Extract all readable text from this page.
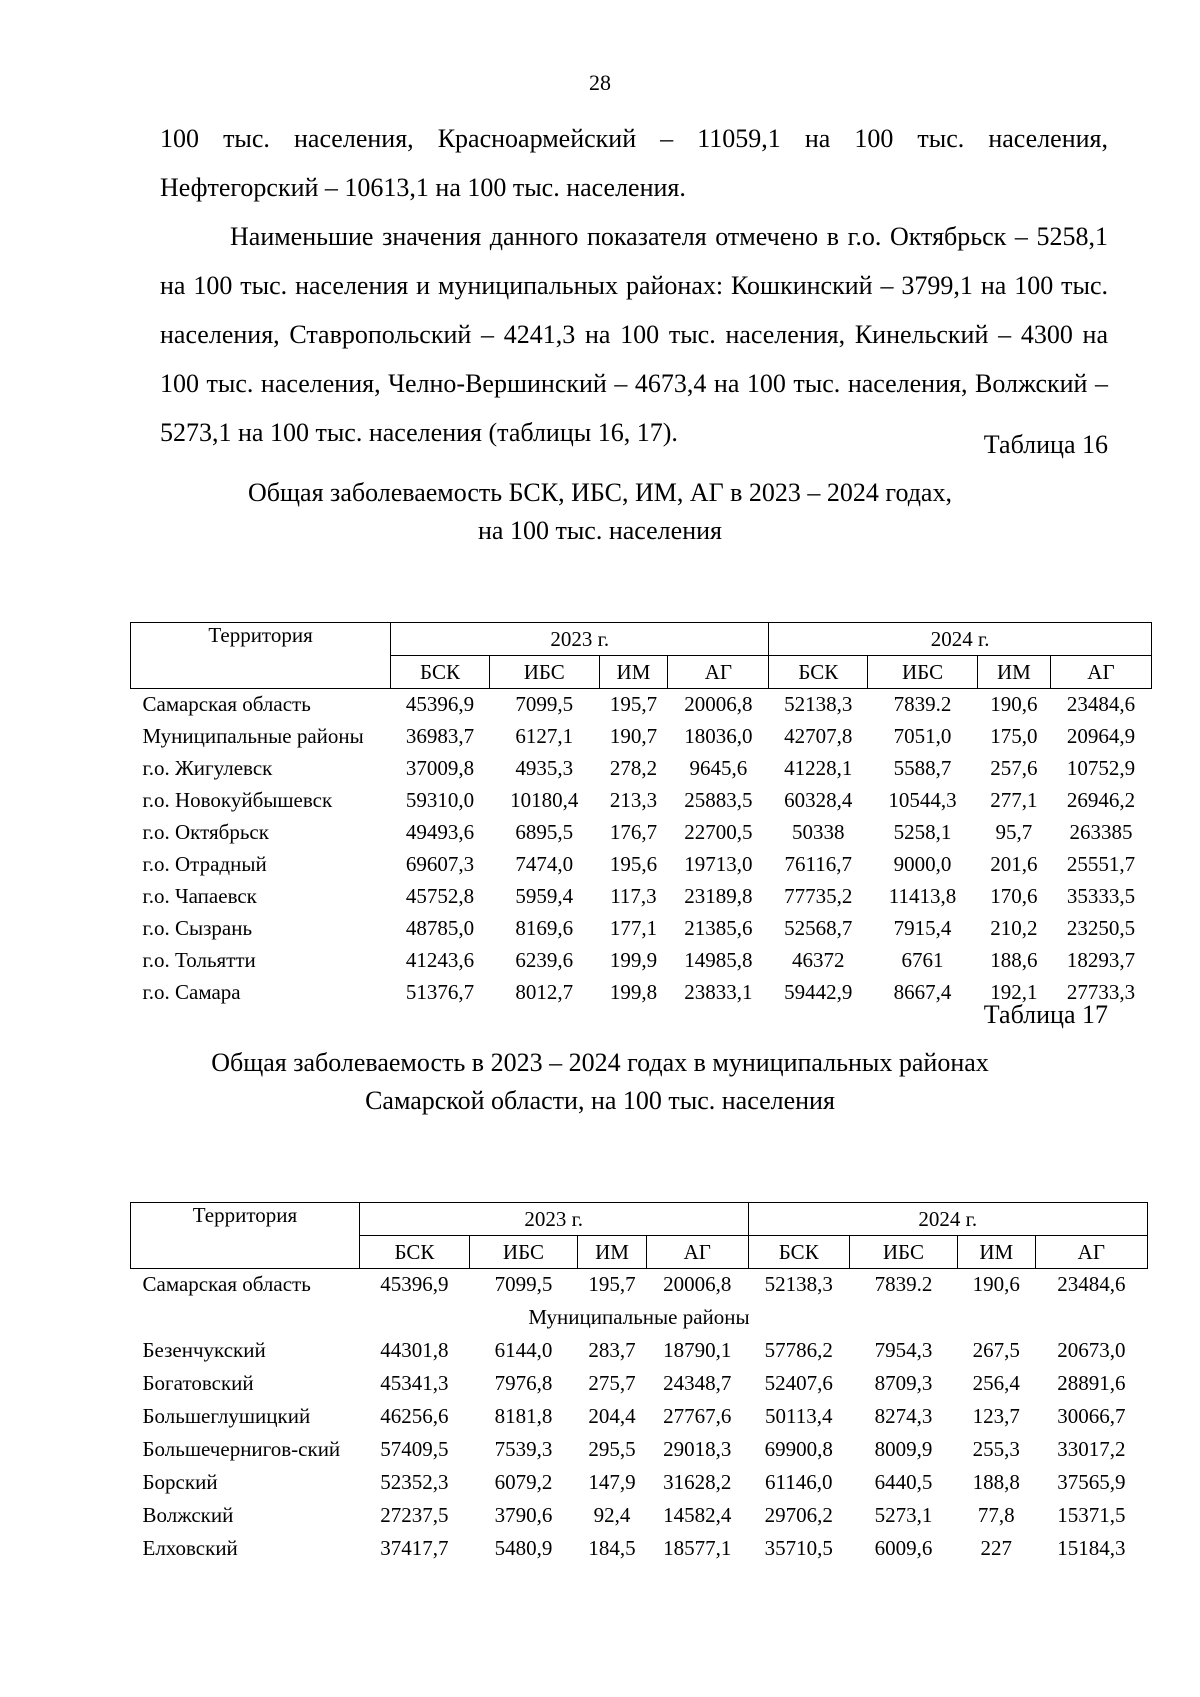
28

100 тыс. населения, Красноармейский – 11059,1 на 100 тыс. населения, Нефтегорский – 10613,1 на 100 тыс. населения.

Наименьшие значения данного показателя отмечено в г.о. Октябрьск – 5258,1 на 100 тыс. населения и муниципальных районах: Кошкинский – 3799,1 на 100 тыс. населения, Ставропольский – 4241,3 на 100 тыс. населения, Кинельский – 4300 на 100 тыс. населения, Челно-Вершинский – 4673,4 на 100 тыс. населения, Волжский – 5273,1 на 100 тыс. населения (таблицы 16, 17).	Таблица 16
Общая заболеваемость БСК, ИБС, ИМ, АГ в 2023 – 2024 годах,
на 100 тыс. населения
Территория	2023 г.				2024 г.			
	БСК	ИБС	ИМ	АГ	БСК	ИБС	ИМ	АГ
Самарская область	45396,9	7099,5	195,7	20006,8	52138,3	7839.2	190,6	23484,6
Муниципальные районы	36983,7	6127,1	190,7	18036,0	42707,8	7051,0	175,0	20964,9
г.о. Жигулевск	37009,8	4935,3	278,2	9645,6	41228,1	5588,7	257,6	10752,9
г.о. Новокуйбышевск	59310,0	10180,4	213,3	25883,5	60328,4	10544,3	277,1	26946,2
г.о. Октябрьск	49493,6	6895,5	176,7	22700,5	50338	5258,1	95,7	263385
г.о. Отрадный	69607,3	7474,0	195,6	19713,0	76116,7	9000,0	201,6	25551,7
г.о. Чапаевск	45752,8	5959,4	117,3	23189,8	77735,2	11413,8	170,6	35333,5
г.о. Сызрань	48785,0	8169,6	177,1	21385,6	52568,7	7915,4	210,2	23250,5
г.о. Тольятти	41243,6	6239,6	199,9	14985,8	46372	6761	188,6	18293,7
г.о. Самара	51376,7	8012,7	199,8	23833,1	59442,9	8667,4	192,1	27733,3
Таблица 17
Общая заболеваемость в 2023 – 2024 годах в муниципальных районах
Самарской области, на 100 тыс. населения
Территория	2023 г.				2024 г.			
	БСК	ИБС	ИМ	АГ	БСК	ИБС	ИМ	АГ
Самарская область	45396,9	7099,5	195,7	20006,8	52138,3	7839.2	190,6	23484,6
Муниципальные районы								
Безенчукский	44301,8	6144,0	283,7	18790,1	57786,2	7954,3	267,5	20673,0
Богатовский	45341,3	7976,8	275,7	24348,7	52407,6	8709,3	256,4	28891,6
Большеглушицкий	46256,6	8181,8	204,4	27767,6	50113,4	8274,3	123,7	30066,7
Большечернигов-ский	57409,5	7539,3	295,5	29018,3	69900,8	8009,9	255,3	33017,2
Борский	52352,3	6079,2	147,9	31628,2	61146,0	6440,5	188,8	37565,9
Волжский	27237,5	3790,6	92,4	14582,4	29706,2	5273,1	77,8	15371,5
Елховский	37417,7	5480,9	184,5	18577,1	35710,5	6009,6	227	15184,3
